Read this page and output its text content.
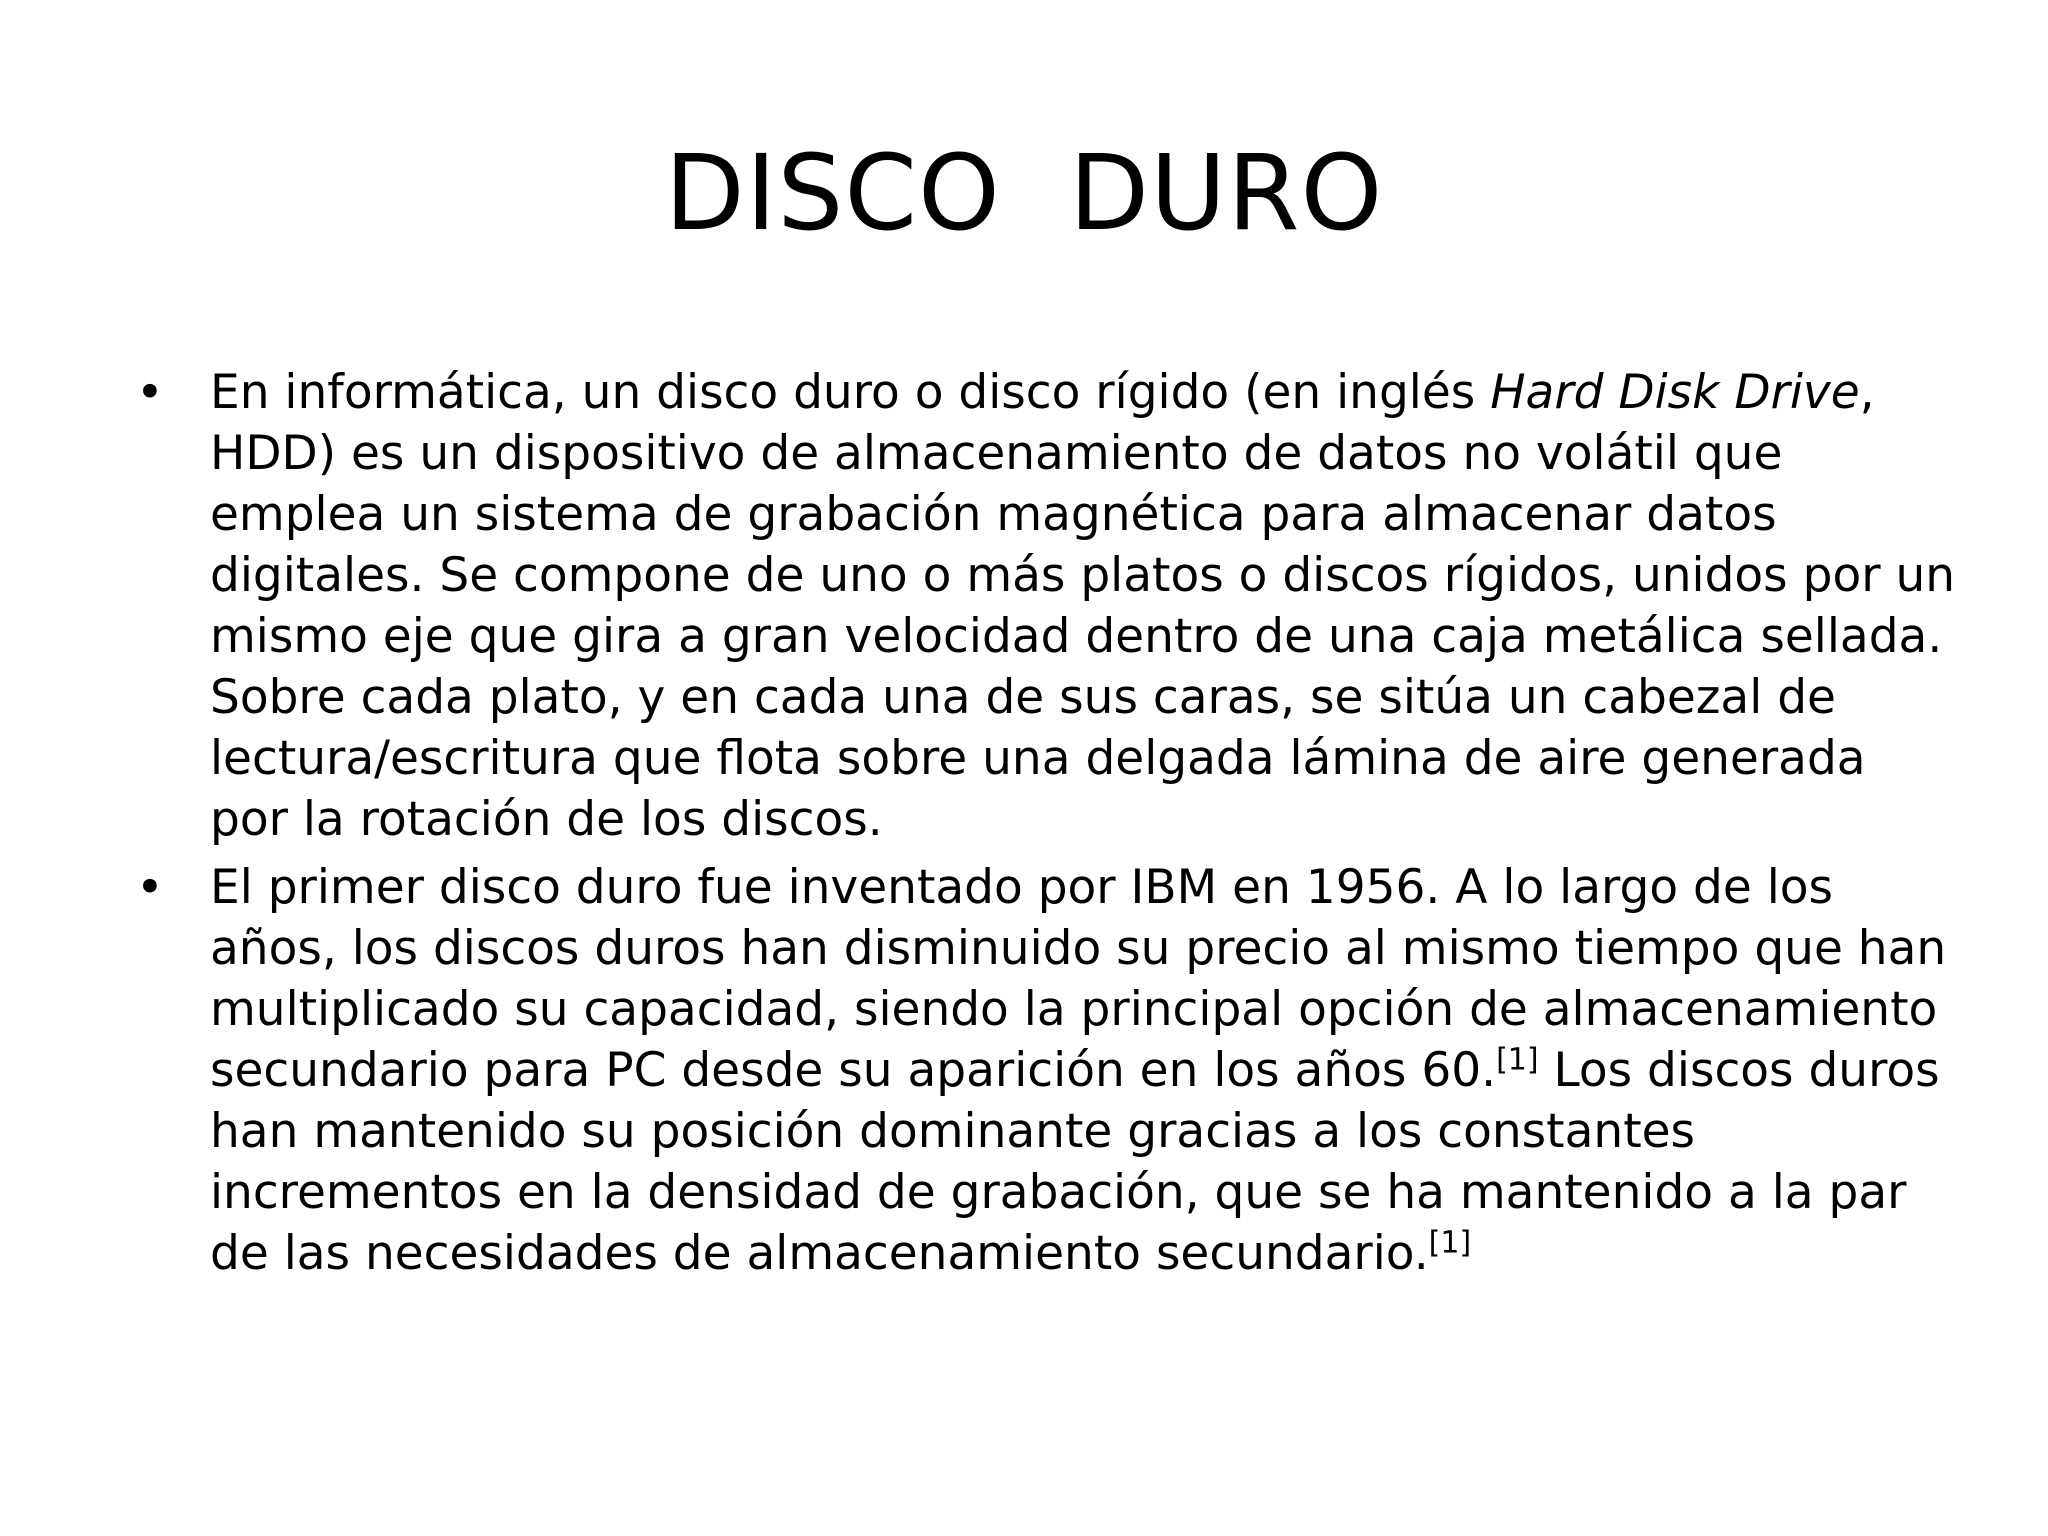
DISCO  DURO
• En informática, un disco duro o disco rígido (en inglés Hard Disk Drive, HDD) es un dispositivo de almacenamiento de datos no volátil que emplea un sistema de grabación magnética para almacenar datos digitales. Se compone de uno o más platos o discos rígidos, unidos por un mismo eje que gira a gran velocidad dentro de una caja metálica sellada. Sobre cada plato, y en cada una de sus caras, se sitúa un cabezal de lectura/escritura que flota sobre una delgada lámina de aire generada por la rotación de los discos.
• El primer disco duro fue inventado por IBM en 1956. A lo largo de los años, los discos duros han disminuido su precio al mismo tiempo que han multiplicado su capacidad, siendo la principal opción de almacenamiento secundario para PC desde su aparición en los años 60.[1] Los discos duros han mantenido su posición dominante gracias a los constantes incrementos en la densidad de grabación, que se ha mantenido a la par de las necesidades de almacenamiento secundario.[1]
